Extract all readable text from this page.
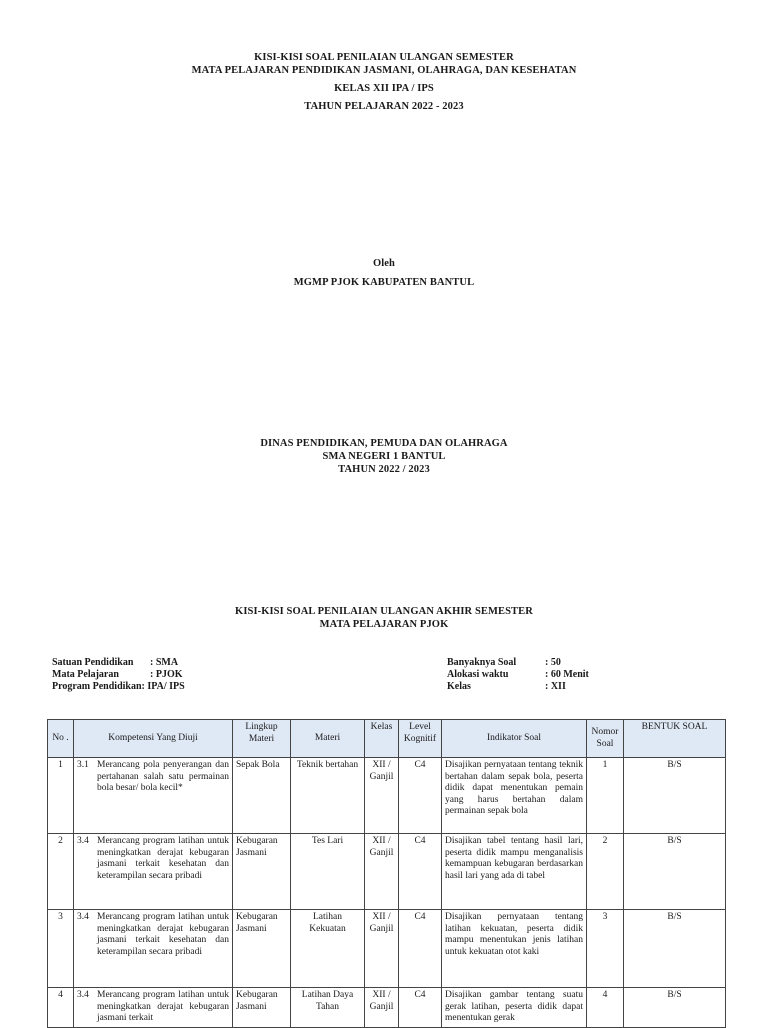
KISI-KISI SOAL PENILAIAN ULANGAN SEMESTER
MATA PELAJARAN PENDIDIKAN JASMANI, OLAHRAGA, DAN KESEHATAN
KELAS XII IPA / IPS
TAHUN PELAJARAN 2022 - 2023
Oleh
MGMP PJOK KABUPATEN BANTUL
DINAS PENDIDIKAN, PEMUDA DAN OLAHRAGA
SMA NEGERI 1 BANTUL
TAHUN 2022 / 2023
KISI-KISI SOAL PENILAIAN ULANGAN AKHIR SEMESTER
MATA PELAJARAN PJOK
Satuan Pendidikan : SMA
Mata Pelajaran	: PJOK
Program Pendidikan: IPA/ IPS
Banyaknya Soal	: 50
Alokasi waktu	: 60 Menit
Kelas	: XII
No .	Kompetensi Yang Diuji	Lingkup Materi	Materi	Kelas	Level Kognitif	Indikator Soal	Nomor Soal	BENTUK SOAL
1	3.1 Merancang pola penyerangan dan pertahanan salah satu permainan bola besar/ bola kecil*	Sepak Bola	Teknik bertahan	XII / Ganjil	C4	Disajikan pernyataan tentang teknik bertahan dalam sepak bola, peserta didik dapat menentukan pemain yang harus bertahan dalam permainan sepak bola	1	B/S
2	3.4 Merancang program latihan untuk meningkatkan derajat kebugaran jasmani terkait kesehatan dan keterampilan secara pribadi	Kebugaran Jasmani	Tes Lari	XII / Ganjil	C4	Disajikan tabel tentang hasil lari, peserta didik mampu menganalisis kemampuan kebugaran berdasarkan hasil lari yang ada di tabel	2	B/S
3	3.4 Merancang program latihan untuk meningkatkan derajat kebugaran jasmani terkait kesehatan dan keterampilan secara pribadi	Kebugaran Jasmani	Latihan Kekuatan	XII / Ganjil	C4	Disajikan pernyataan tentang latihan kekuatan, peserta didik mampu menentukan jenis latihan untuk kekuatan otot kaki	3	B/S
4	3.4 Merancang program latihan untuk meningkatkan derajat kebugaran jasmani terkait	Kebugaran Jasmani	Latihan Daya Tahan	XII / Ganjil	C4	Disajikan gambar tentang suatu gerak latihan, peserta didik dapat menentukan gerak	4	B/S
